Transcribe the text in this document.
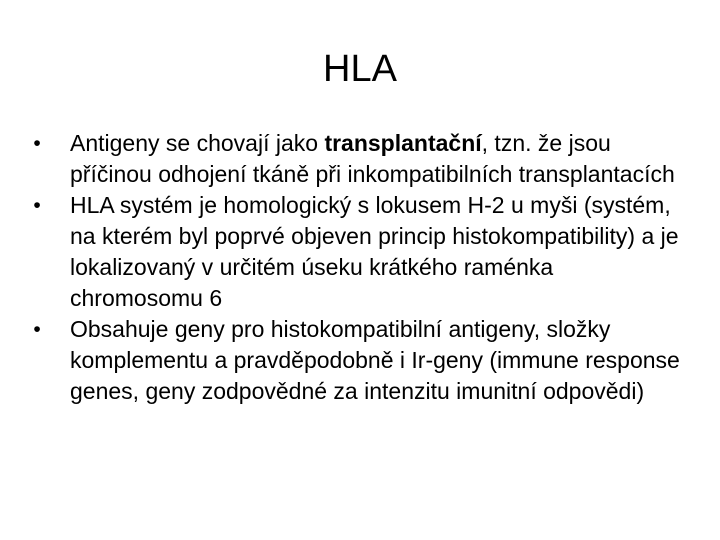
HLA
• Antigeny se chovají jako transplantační, tzn. že jsou příčinou odhojení tkáně při inkompatibilních transplantacích
• HLA systém je homologický s lokusem H-2 u myši (systém, na kterém byl poprvé objeven princip histokompatibility) a je lokalizovaný v určitém úseku krátkého raménka chromosomu 6
• Obsahuje geny pro histokompatibilní antigeny, složky komplementu a pravděpodobně i Ir-geny (immune response genes, geny zodpovědné za intenzitu imunitní odpovědi)
